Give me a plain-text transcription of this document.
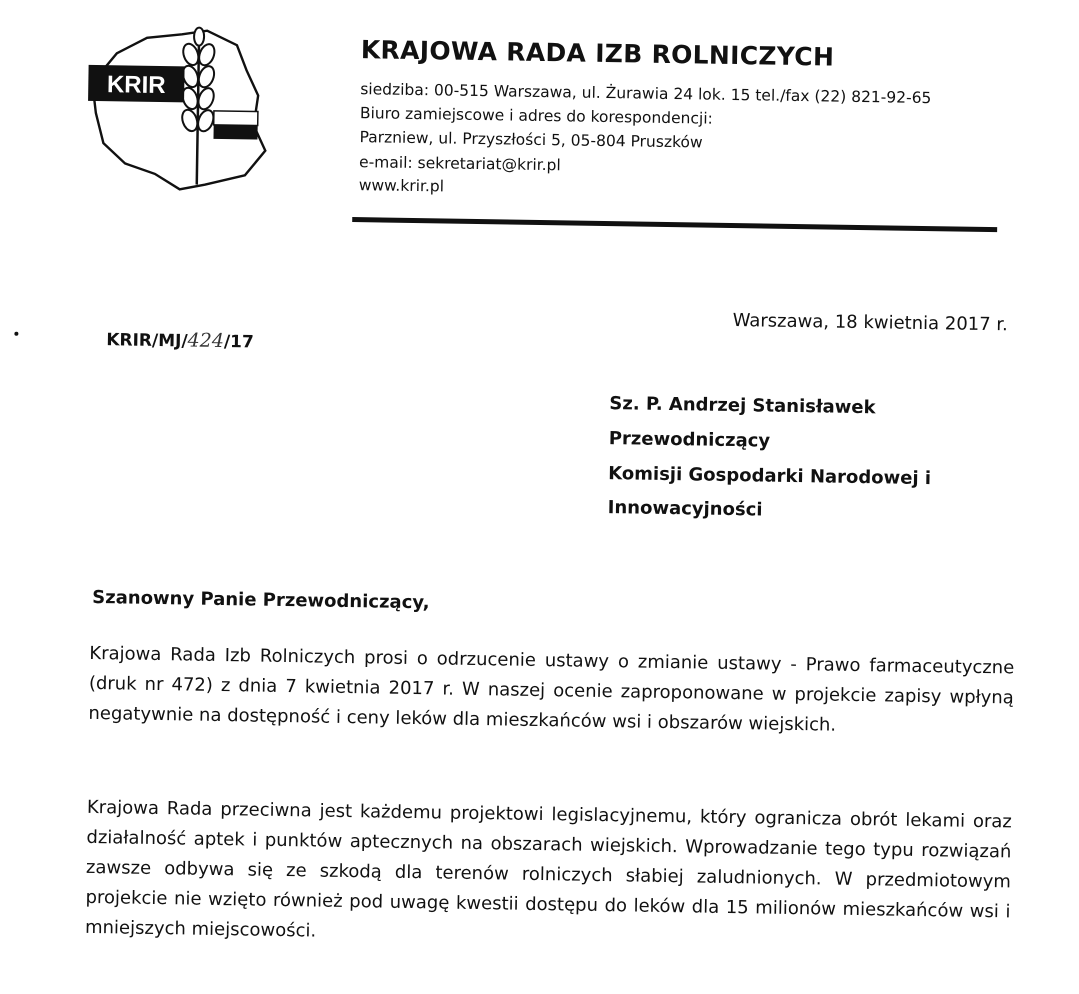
KRIR
KRAJOWA RADA IZB ROLNICZYCH
siedziba: 00-515 Warszawa, ul. Żurawia 24 lok. 15 tel./fax (22) 821-92-65
Biuro zamiejscowe i adres do korespondencji:
Parzniew, ul. Przyszłości 5, 05-804 Pruszków
e-mail: sekretariat@krir.pl
www.krir.pl
KRIR/MJ/424/17
Warszawa, 18 kwietnia 2017 r.
Sz. P. Andrzej Stanisławek
Przewodniczący
Komisji Gospodarki Narodowej i
Innowacyjności
Szanowny Panie Przewodniczący,
Krajowa Rada Izb Rolniczych prosi o odrzucenie ustawy o zmianie ustawy - Prawo farmaceutyczne (druk nr 472) z dnia 7 kwietnia 2017 r. W naszej ocenie zaproponowane w projekcie zapisy wpłyną negatywnie na dostępność i ceny leków dla mieszkańców wsi i obszarów wiejskich.
Krajowa Rada przeciwna jest każdemu projektowi legislacyjnemu, który ogranicza obrót lekami oraz działalność aptek i punktów aptecznych na obszarach wiejskich. Wprowadzanie tego typu rozwiązań zawsze odbywa się ze szkodą dla terenów rolniczych słabiej zaludnionych. W przedmiotowym projekcie nie wzięto również pod uwagę kwestii dostępu do leków dla 15 milionów mieszkańców wsi i mniejszych miejscowości.
